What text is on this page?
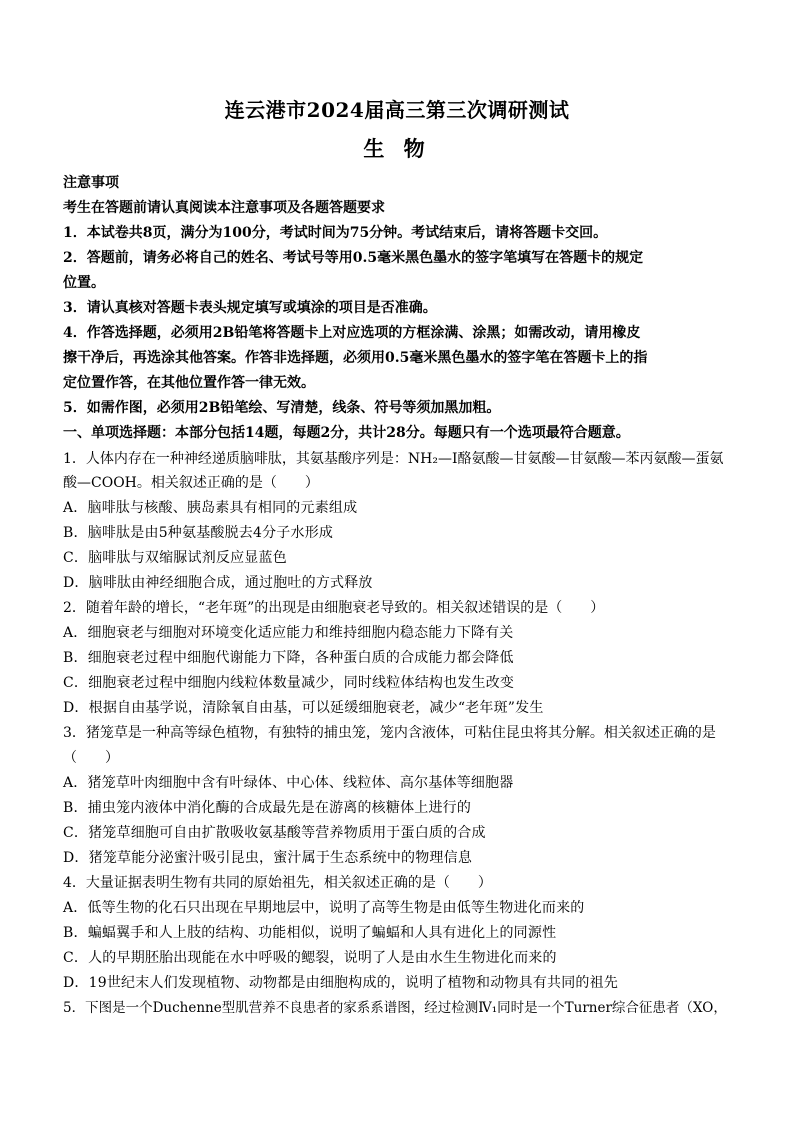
连云港市2024届高三第三次调研测试
生 物
注意事项
考生在答题前请认真阅读本注意事项及各题答题要求
1．本试卷共8页，满分为100分，考试时间为75分钟。考试结束后，请将答题卡交回。
2．答题前，请务必将自己的姓名、考试号等用0.5毫米黑色墨水的签字笔填写在答题卡的规定
位置。
3．请认真核对答题卡表头规定填写或填涂的项目是否准确。
4．作答选择题，必须用2B铅笔将答题卡上对应选项的方框涂满、涂黑；如需改动，请用橡皮
擦干净后，再选涂其他答案。作答非选择题，必须用0.5毫米黑色墨水的签字笔在答题卡上的指
定位置作答，在其他位置作答一律无效。
5．如需作图，必须用2B铅笔绘、写清楚，线条、符号等须加黑加粗。
一、单项选择题：本部分包括14题，每题2分，共计28分。每题只有一个选项最符合题意。
1．人体内存在一种神经递质脑啡肽，其氨基酸序列是：NH₂—Ⅰ酪氨酸—甘氨酸—甘氨酸—苯丙氨酸—蛋氨
酸—COOH。相关叙述正确的是（　　）
A．脑啡肽与核酸、胰岛素具有相同的元素组成
B．脑啡肽是由5种氨基酸脱去4分子水形成
C．脑啡肽与双缩脲试剂反应显蓝色
D．脑啡肽由神经细胞合成，通过胞吐的方式释放
2．随着年龄的增长，“老年斑”的出现是由细胞衰老导致的。相关叙述错误的是（　　）
A．细胞衰老与细胞对环境变化适应能力和维持细胞内稳态能力下降有关
B．细胞衰老过程中细胞代谢能力下降，各种蛋白质的合成能力都会降低
C．细胞衰老过程中细胞内线粒体数量减少，同时线粒体结构也发生改变
D．根据自由基学说，清除氧自由基，可以延缓细胞衰老，减少“老年斑”发生
3．猪笼草是一种高等绿色植物，有独特的捕虫笼，笼内含液体，可粘住昆虫将其分解。相关叙述正确的是
（　　）
A．猪笼草叶肉细胞中含有叶绿体、中心体、线粒体、高尔基体等细胞器
B．捕虫笼内液体中消化酶的合成最先是在游离的核糖体上进行的
C．猪笼草细胞可自由扩散吸收氨基酸等营养物质用于蛋白质的合成
D．猪笼草能分泌蜜汁吸引昆虫，蜜汁属于生态系统中的物理信息
4．大量证据表明生物有共同的原始祖先，相关叙述正确的是（　　）
A．低等生物的化石只出现在早期地层中，说明了高等生物是由低等生物进化而来的
B．蝙蝠翼手和人上肢的结构、功能相似，说明了蝙蝠和人具有进化上的同源性
C．人的早期胚胎出现能在水中呼吸的鳃裂，说明了人是由水生生物进化而来的
D．19世纪末人们发现植物、动物都是由细胞构成的，说明了植物和动物具有共同的祖先
5．下图是一个Duchenne型肌营养不良患者的家系系谱图，经过检测Ⅳ₁同时是一个Turner综合征患者（XO，
